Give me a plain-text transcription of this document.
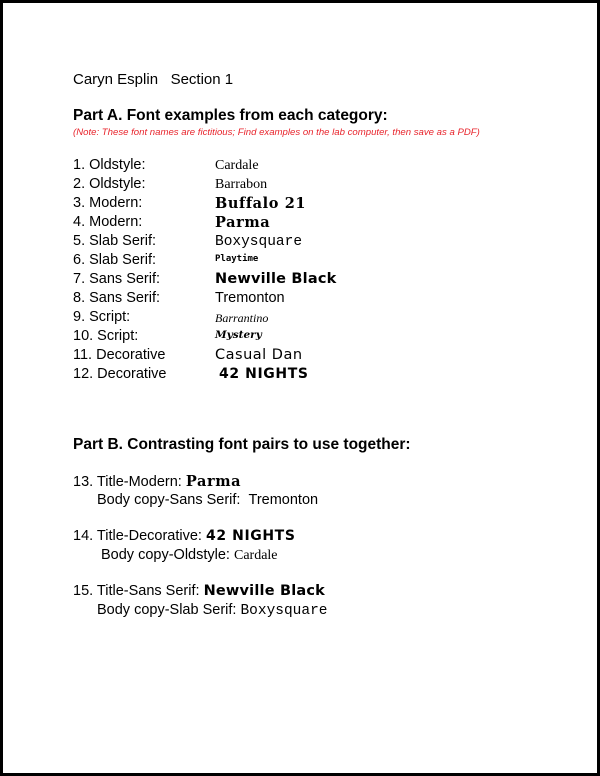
Caryn Esplin Section 1
Part A. Font examples from each category:
(Note: These font names are fictitious; Find examples on the lab computer, then save as a PDF)
1. Oldstyle:	Cardale
2. Oldstyle:	Barrabon
3. Modern:	Buffalo 21
4. Modern:	Parma
5. Slab Serif:	Boxysquare
6. Slab Serif:	Playtime
7. Sans Serif:	Newville Black
8. Sans Serif:	Tremonton
9. Script:	Barrantino
10. Script:	Mystery
11. Decorative	Casual Dan
12. Decorative	42 NIGHTS
Part B. Contrasting font pairs to use together:
13. Title-Modern: Parma
Body copy-Sans Serif: Tremonton
14. Title-Decorative: 42 NIGHTS
Body copy-Oldstyle: Cardale
15. Title-Sans Serif: Newville Black
Body copy-Slab Serif: Boxysquare
